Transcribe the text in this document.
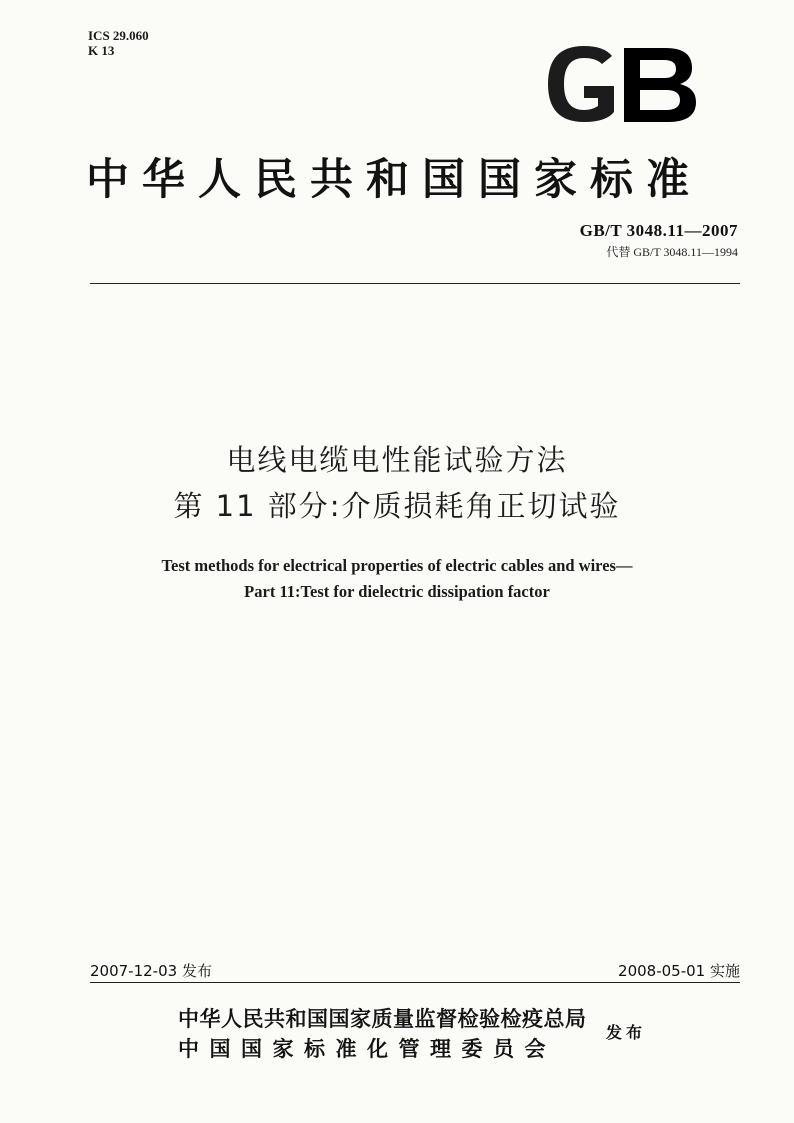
ICS 29.060
K 13
中华人民共和国国家标准
GB/T 3048.11—2007
代替 GB/T 3048.11—1994
电线电缆电性能试验方法
第 11 部分:介质损耗角正切试验
Test methods for electrical properties of electric cables and wires—
Part 11:Test for dielectric dissipation factor
2007-12-03 发布	2008-05-01 实施
中华人民共和国国家质量监督检验检疫总局
中国国家标准化管理委员会
发布
